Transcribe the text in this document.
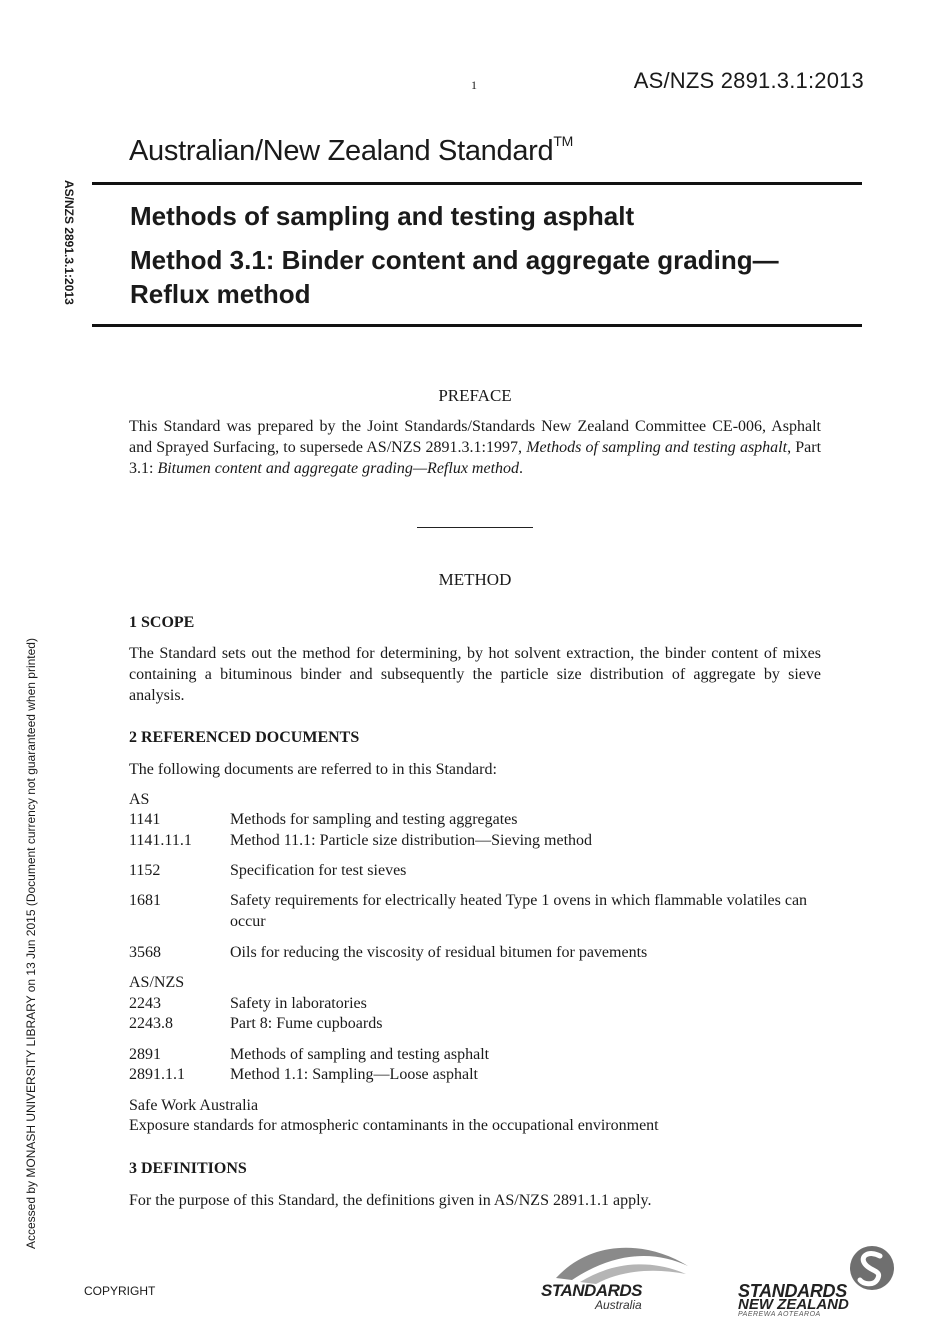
1	AS/NZS 2891.3.1:2013
Australian/New Zealand Standard™
Methods of sampling and testing asphalt
Method 3.1: Binder content and aggregate grading—Reflux method
AS/NZS 2891.3.1:2013
Accessed by MONASH UNIVERSITY LIBRARY on 13 Jun 2015 (Document currency not guaranteed when printed)
PREFACE
This Standard was prepared by the Joint Standards/Standards New Zealand Committee CE-006, Asphalt and Sprayed Surfacing, to supersede AS/NZS 2891.3.1:1997, Methods of sampling and testing asphalt, Part 3.1: Bitumen content and aggregate grading—Reflux method.
METHOD
1 SCOPE
The Standard sets out the method for determining, by hot solvent extraction, the binder content of mixes containing a bituminous binder and subsequently the particle size distribution of aggregate by sieve analysis.
2 REFERENCED DOCUMENTS
The following documents are referred to in this Standard:
AS
1141	Methods for sampling and testing aggregates
1141.11.1	Method 11.1: Particle size distribution—Sieving method
1152	Specification for test sieves
1681	Safety requirements for electrically heated Type 1 ovens in which flammable volatiles can occur
3568	Oils for reducing the viscosity of residual bitumen for pavements
AS/NZS
2243	Safety in laboratories
2243.8	Part 8: Fume cupboards
2891	Methods of sampling and testing asphalt
2891.1.1	Method 1.1: Sampling—Loose asphalt
Safe Work Australia
Exposure standards for atmospheric contaminants in the occupational environment
3 DEFINITIONS
For the purpose of this Standard, the definitions given in AS/NZS 2891.1.1 apply.
COPYRIGHT	STANDARDS
Australia
STANDARDS
NEW ZEALAND
PAEREWA AOTEAROA
